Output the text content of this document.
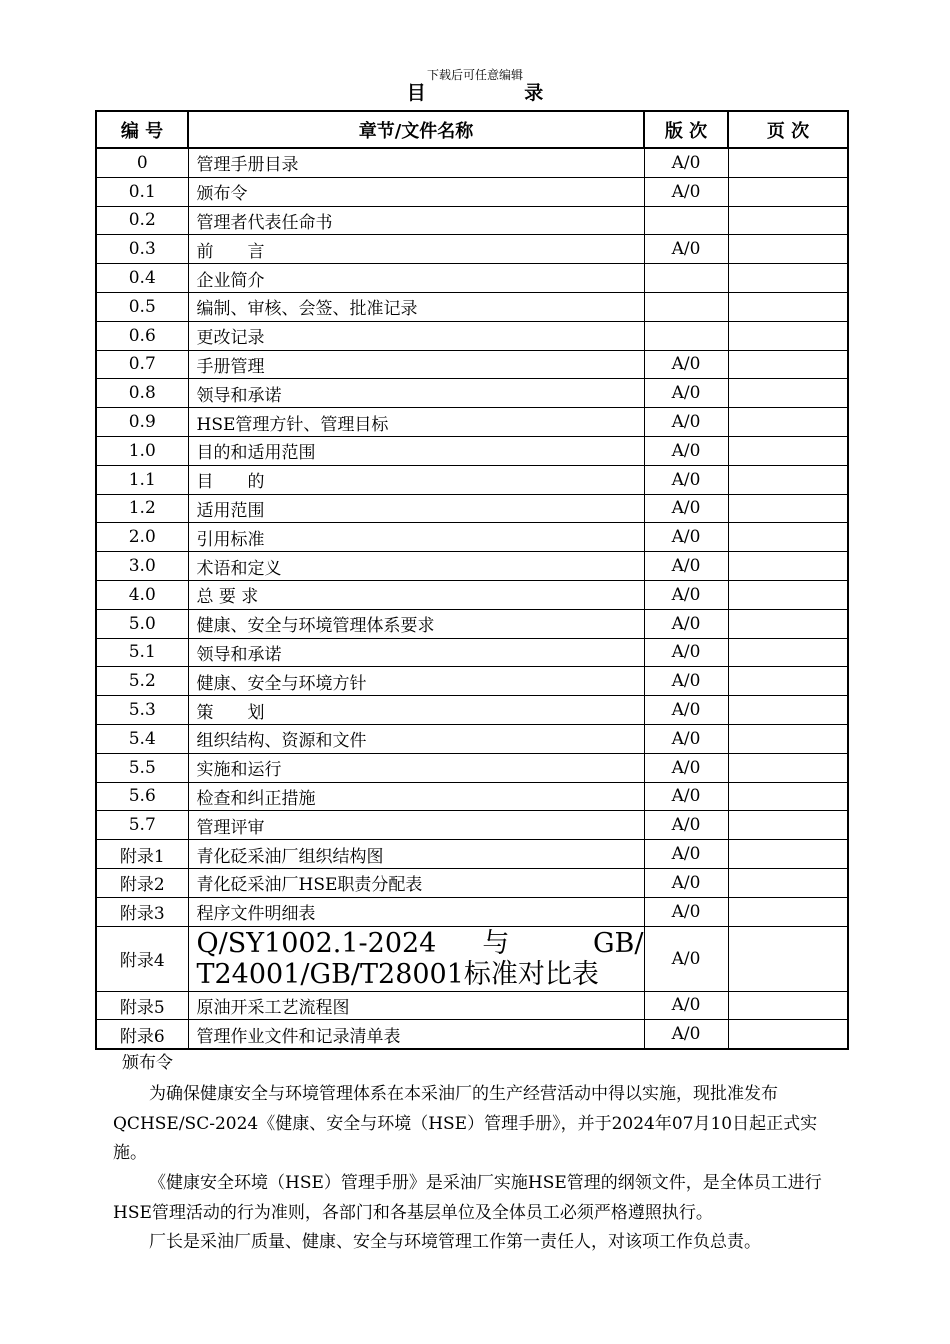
下载后可任意编辑
目 录
编 号	章节/文件名称	版 次	页 次
0	管理手册目录	A/0	
0.1	颁布令	A/0	
0.2	管理者代表任命书		
0.3	前　　言	A/0	
0.4	企业简介		
0.5	编制、审核、会签、批准记录		
0.6	更改记录		
0.7	手册管理	A/0	
0.8	领导和承诺	A/0	
0.9	HSE管理方针、管理目标	A/0	
1.0	目的和适用范围	A/0	
1.1	目　　的	A/0	
1.2	适用范围	A/0	
2.0	引用标准	A/0	
3.0	术语和定义	A/0	
4.0	总 要 求	A/0	
5.0	健康、安全与环境管理体系要求	A/0	
5.1	领导和承诺	A/0	
5.2	健康、安全与环境方针	A/0	
5.3	策　　划	A/0	
5.4	组织结构、资源和文件	A/0	
5.5	实施和运行	A/0	
5.6	检查和纠正措施	A/0	
5.7	管理评审	A/0	
附录1	青化砭采油厂组织结构图	A/0	
附录2	青化砭采油厂HSE职责分配表	A/0	
附录3	程序文件明细表	A/0	
附录4	Q/SY1002.1-2024 与 GB/
T24001/GB/T28001标准对比表	A/0	
附录5	原油开采工艺流程图	A/0	
附录6	管理作业文件和记录清单表	A/0	
颁布令
为确保健康安全与环境管理体系在本采油厂的生产经营活动中得以实施，现批准发布QCHSE/SC-2024《健康、安全与环境（HSE）管理手册》，并于2024年07月10日起正式实施。
《健康安全环境（HSE）管理手册》是采油厂实施HSE管理的纲领文件，是全体员工进行HSE管理活动的行为准则，各部门和各基层单位及全体员工必须严格遵照执行。
厂长是采油厂质量、健康、安全与环境管理工作第一责任人，对该项工作负总责。
